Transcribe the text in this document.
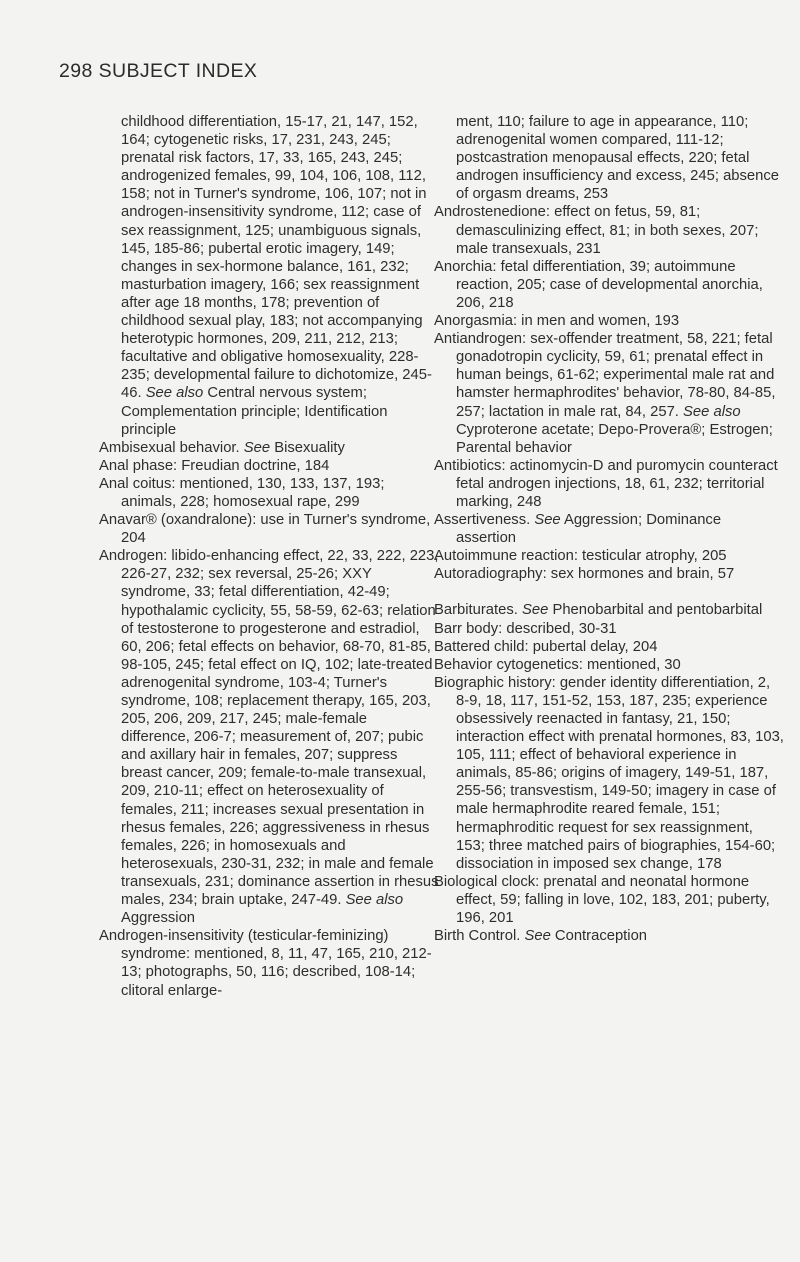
298 SUBJECT INDEX
childhood differentiation, 15-17, 21, 147, 152, 164; cytogenetic risks, 17, 231, 243, 245; prenatal risk factors, 17, 33, 165, 243, 245; androgenized females, 99, 104, 106, 108, 112, 158; not in Turner's syndrome, 106, 107; not in androgen-insensitivity syndrome, 112; case of sex reassignment, 125; unambiguous signals, 145, 185-86; pubertal erotic imagery, 149; changes in sex-hormone balance, 161, 232; masturbation imagery, 166; sex reassignment after age 18 months, 178; prevention of childhood sexual play, 183; not accompanying heterotypic hormones, 209, 211, 212, 213; facultative and obligative homosexuality, 228-235; developmental failure to dichotomize, 245-46. See also Central nervous system; Complementation principle; Identification principle
Ambisexual behavior. See Bisexuality
Anal phase: Freudian doctrine, 184
Anal coitus: mentioned, 130, 133, 137, 193; animals, 228; homosexual rape, 299
Anavar® (oxandralone): use in Turner's syndrome, 204
Androgen: libido-enhancing effect, 22, 33, 222, 223, 226-27, 232; sex reversal, 25-26; XXY syndrome, 33; fetal differentiation, 42-49; hypothalamic cyclicity, 55, 58-59, 62-63; relation of testosterone to progesterone and estradiol, 60, 206; fetal effects on behavior, 68-70, 81-85, 98-105, 245; fetal effect on IQ, 102; late-treated adrenogenital syndrome, 103-4; Turner's syndrome, 108; replacement therapy, 165, 203, 205, 206, 209, 217, 245; male-female difference, 206-7; measurement of, 207; pubic and axillary hair in females, 207; suppress breast cancer, 209; female-to-male transexual, 209, 210-11; effect on heterosexuality of females, 211; increases sexual presentation in rhesus females, 226; aggressiveness in rhesus females, 226; in homosexuals and heterosexuals, 230-31, 232; in male and female transexuals, 231; dominance assertion in rhesus males, 234; brain uptake, 247-49. See also Aggression
Androgen-insensitivity (testicular-feminizing) syndrome: mentioned, 8, 11, 47, 165, 210, 212-13; photographs, 50, 116; described, 108-14; clitoral enlarge-
ment, 110; failure to age in appearance, 110; adrenogenital women compared, 111-12; postcastration menopausal effects, 220; fetal androgen insufficiency and excess, 245; absence of orgasm dreams, 253
Androstenedione: effect on fetus, 59, 81; demasculinizing effect, 81; in both sexes, 207; male transexuals, 231
Anorchia: fetal differentiation, 39; autoimmune reaction, 205; case of developmental anorchia, 206, 218
Anorgasmia: in men and women, 193
Antiandrogen: sex-offender treatment, 58, 221; fetal gonadotropin cyclicity, 59, 61; prenatal effect in human beings, 61-62; experimental male rat and hamster hermaphrodites' behavior, 78-80, 84-85, 257; lactation in male rat, 84, 257. See also Cyproterone acetate; Depo-Provera®; Estrogen; Parental behavior
Antibiotics: actinomycin-D and puromycin counteract fetal androgen injections, 18, 61, 232; territorial marking, 248
Assertiveness. See Aggression; Dominance assertion
Autoimmune reaction: testicular atrophy, 205
Autoradiography: sex hormones and brain, 57
Barbiturates. See Phenobarbital and pentobarbital
Barr body: described, 30-31
Battered child: pubertal delay, 204
Behavior cytogenetics: mentioned, 30
Biographic history: gender identity differentiation, 2, 8-9, 18, 117, 151-52, 153, 187, 235; experience obsessively reenacted in fantasy, 21, 150; interaction effect with prenatal hormones, 83, 103, 105, 111; effect of behavioral experience in animals, 85-86; origins of imagery, 149-51, 187, 255-56; transvestism, 149-50; imagery in case of male hermaphrodite reared female, 151; hermaphroditic request for sex reassignment, 153; three matched pairs of biographies, 154-60; dissociation in imposed sex change, 178
Biological clock: prenatal and neonatal hormone effect, 59; falling in love, 102, 183, 201; puberty, 196, 201
Birth Control. See Contraception
